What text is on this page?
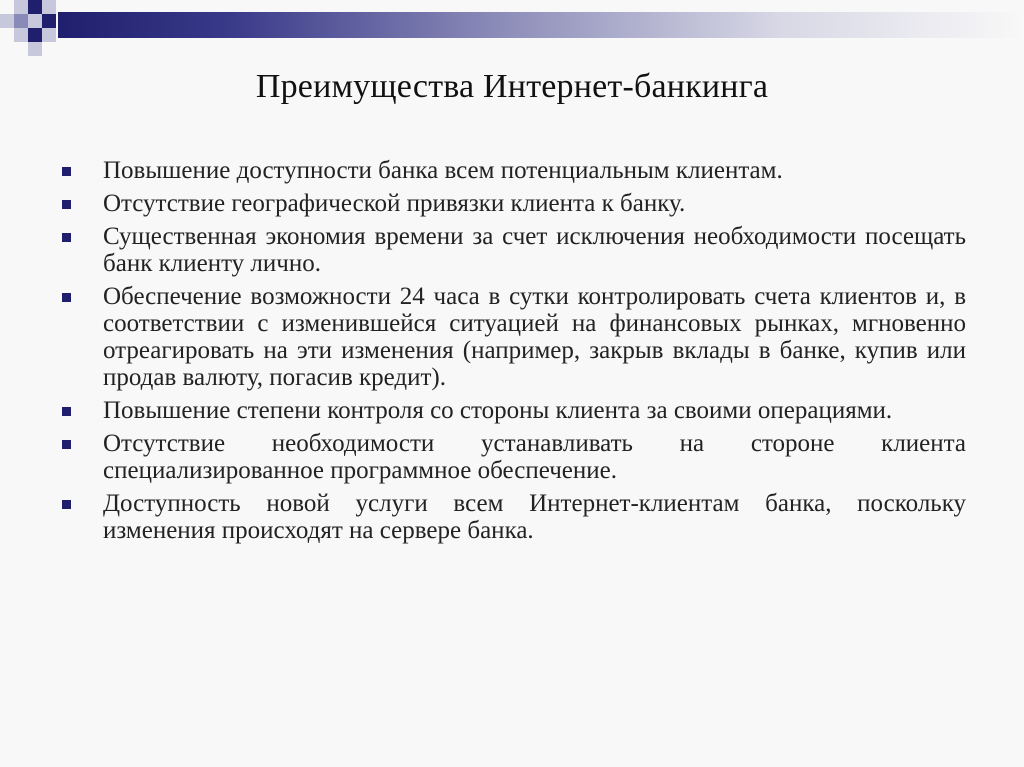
Преимущества Интернет-банкинга
Повышение доступности банка всем потенциальным клиентам.
Отсутствие географической привязки клиента к банку.
Существенная экономия времени за счет исключения необходимости посещать банк клиенту лично.
Обеспечение возможности 24 часа в сутки контролировать счета клиентов и, в соответствии с изменившейся ситуацией на финансовых рынках, мгновенно отреагировать на эти изменения (например, закрыв вклады в банке, купив или продав валюту, погасив кредит).
Повышение степени контроля со стороны клиента за своими операциями.
Отсутствие необходимости устанавливать на стороне клиента специализированное программное обеспечение.
Доступность новой услуги всем Интернет-клиентам банка, поскольку изменения происходят на сервере банка.
